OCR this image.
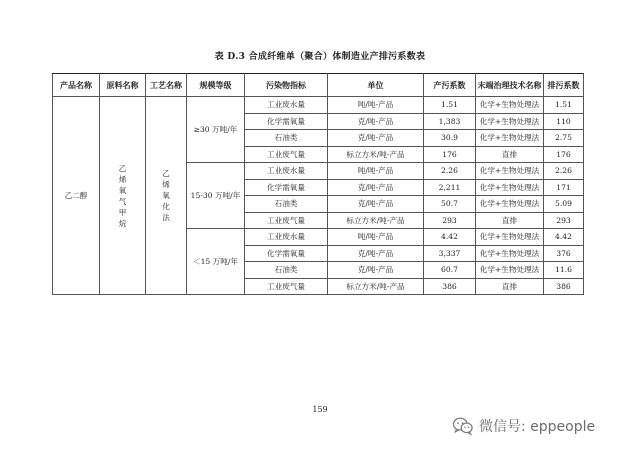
表 D.3 合成纤维单（聚合）体制造业产排污系数表
产品名称	原料名称	工艺名称	规模等级	污染物指标	单位	产污系数	末端治理技术名称	排污系数
乙二醇	乙烯氧气甲烷	乙烯氧化法	≥30 万吨/年	工业废水量	吨/吨-产品	1.51	化学+生物处理法	1.51
				化学需氧量	克/吨-产品	1,383	化学+生物处理法	110
				石油类	克/吨-产品	30.9	化学+生物处理法	2.75
				工业废气量	标立方米/吨-产品	176	直排	176
			15-30 万吨/年	工业废水量	吨/吨-产品	2.26	化学+生物处理法	2.26
				化学需氧量	克/吨-产品	2,211	化学+生物处理法	171
				石油类	克/吨-产品	50.7	化学+生物处理法	5.09
				工业废气量	标立方米/吨-产品	293	直排	293
			＜15 万吨/年	工业废水量	吨/吨-产品	4.42	化学+生物处理法	4.42
				化学需氧量	克/吨-产品	3,337	化学+生物处理法	376
				石油类	克/吨-产品	60.7	化学+生物处理法	11.6
				工业废气量	标立方米/吨-产品	386	直排	386
159
微信号: eppeople
